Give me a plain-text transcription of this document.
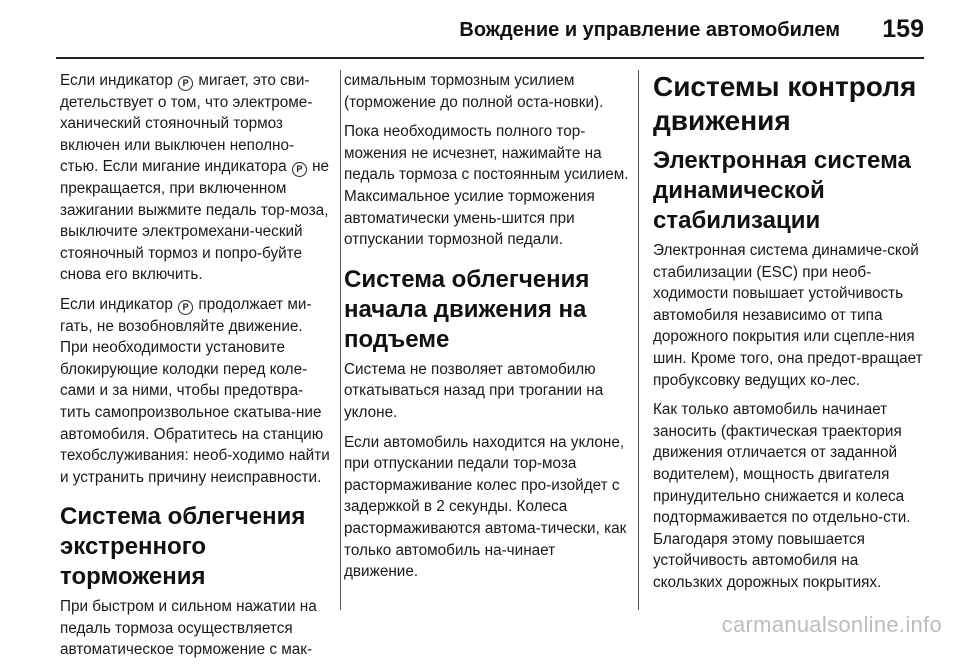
Вождение и управление автомобилем 159

Если индикатор P мигает, это сви-детельствует о том, что электроме-ханический стояночный тормоз включен или выключен неполно-стью. Если мигание индикатора P не прекращается, при включенном зажигании выжмите педаль тор-моза, выключите электромехани-ческий стояночный тормоз и попро-буйте снова его включить.

Если индикатор P продолжает ми-гать, не возобновляйте движение. При необходимости установите блокирующие колодки перед коле-сами и за ними, чтобы предотвра-тить самопроизвольное скатыва-ние автомобиля. Обратитесь на станцию техобслуживания: необ-ходимо найти и устранить причину неисправности.

Система облегчения экстренного торможения

При быстром и сильном нажатии на педаль тормоза осуществляется автоматическое торможение с мак-

симальным тормозным усилием (торможение до полной оста-новки).

Пока необходимость полного тор-можения не исчезнет, нажимайте на педаль тормоза с постоянным усилием. Максимальное усилие торможения автоматически умень-шится при отпускании тормозной педали.

Система облегчения начала движения на подъеме

Система не позволяет автомобилю откатываться назад при трогании на уклоне.

Если автомобиль находится на уклоне, при отпускании педали тор-моза растормаживание колес про-изойдет с задержкой в 2 секунды. Колеса растормаживаются автома-тически, как только автомобиль на-чинает движение.

Системы контроля движения
Электронная система динамической стабилизации

Электронная система динамиче-ской стабилизации (ESC) при необ-ходимости повышает устойчивость автомобиля независимо от типа дорожного покрытия или сцепле-ния шин. Кроме того, она предот-вращает пробуксовку ведущих ко-лес.

Как только автомобиль начинает заносить (фактическая траектория движения отличается от заданной водителем), мощность двигателя принудительно снижается и колеса подтормаживается по отдельно-сти. Благодаря этому повышается устойчивость автомобиля на скользких дорожных покрытиях.

carmanualsonline.info
